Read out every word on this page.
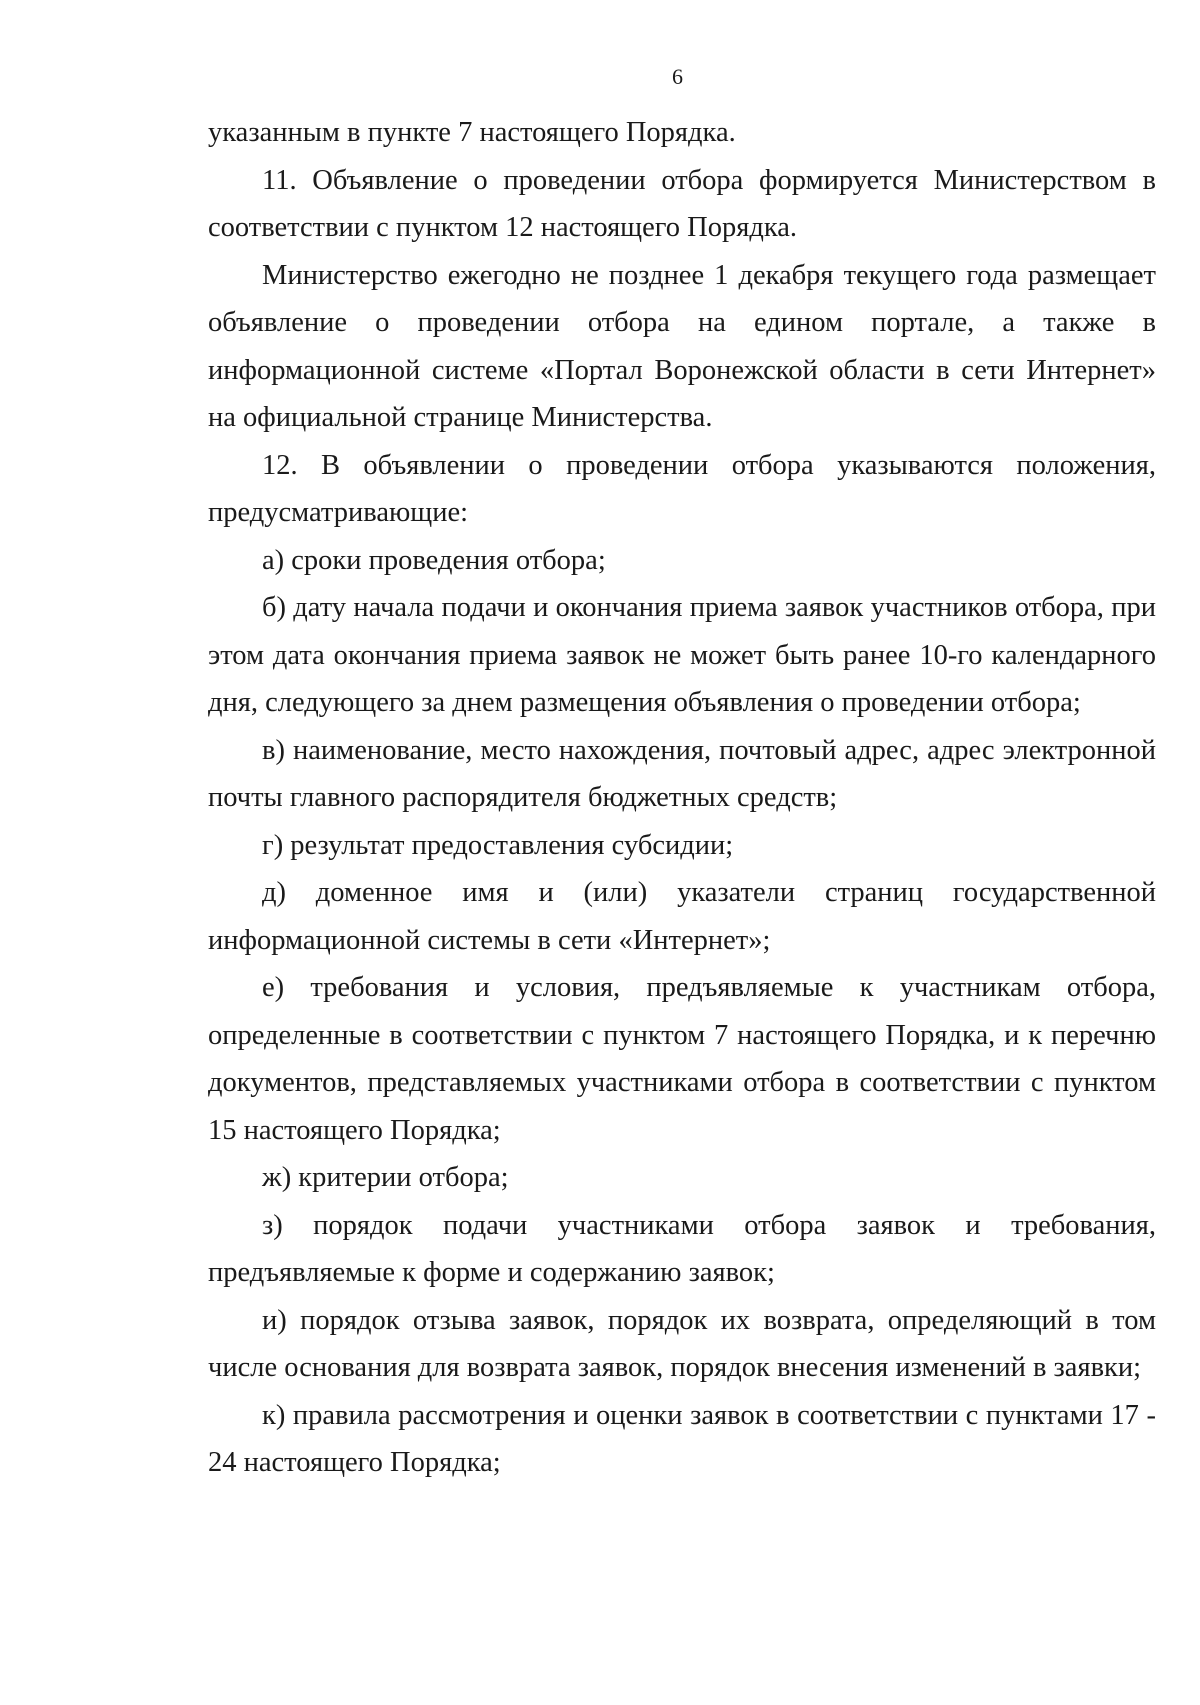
6

указанным в пункте 7 настоящего Порядка.

11. Объявление о проведении отбора формируется Министерством в соответствии с пунктом 12 настоящего Порядка.

Министерство ежегодно не позднее 1 декабря текущего года размещает объявление о проведении отбора на едином портале, а также в информационной системе «Портал Воронежской области в сети Интернет» на официальной странице Министерства.

12. В объявлении о проведении отбора указываются положения, предусматривающие:

а) сроки проведения отбора;

б) дату начала подачи и окончания приема заявок участников отбора, при этом дата окончания приема заявок не может быть ранее 10-го календарного дня, следующего за днем размещения объявления о проведении отбора;

в) наименование, место нахождения, почтовый адрес, адрес электронной почты главного распорядителя бюджетных средств;

г) результат предоставления субсидии;

д) доменное имя и (или) указатели страниц государственной информационной системы в сети «Интернет»;

е) требования и условия, предъявляемые к участникам отбора, определенные в соответствии с пунктом 7 настоящего Порядка, и к перечню документов, представляемых участниками отбора в соответствии с пунктом 15 настоящего Порядка;

ж) критерии отбора;

з) порядок подачи участниками отбора заявок и требования, предъявляемые к форме и содержанию заявок;

и) порядок отзыва заявок, порядок их возврата, определяющий в том числе основания для возврата заявок, порядок внесения изменений в заявки;

к) правила рассмотрения и оценки заявок в соответствии с пунктами 17 - 24 настоящего Порядка;
